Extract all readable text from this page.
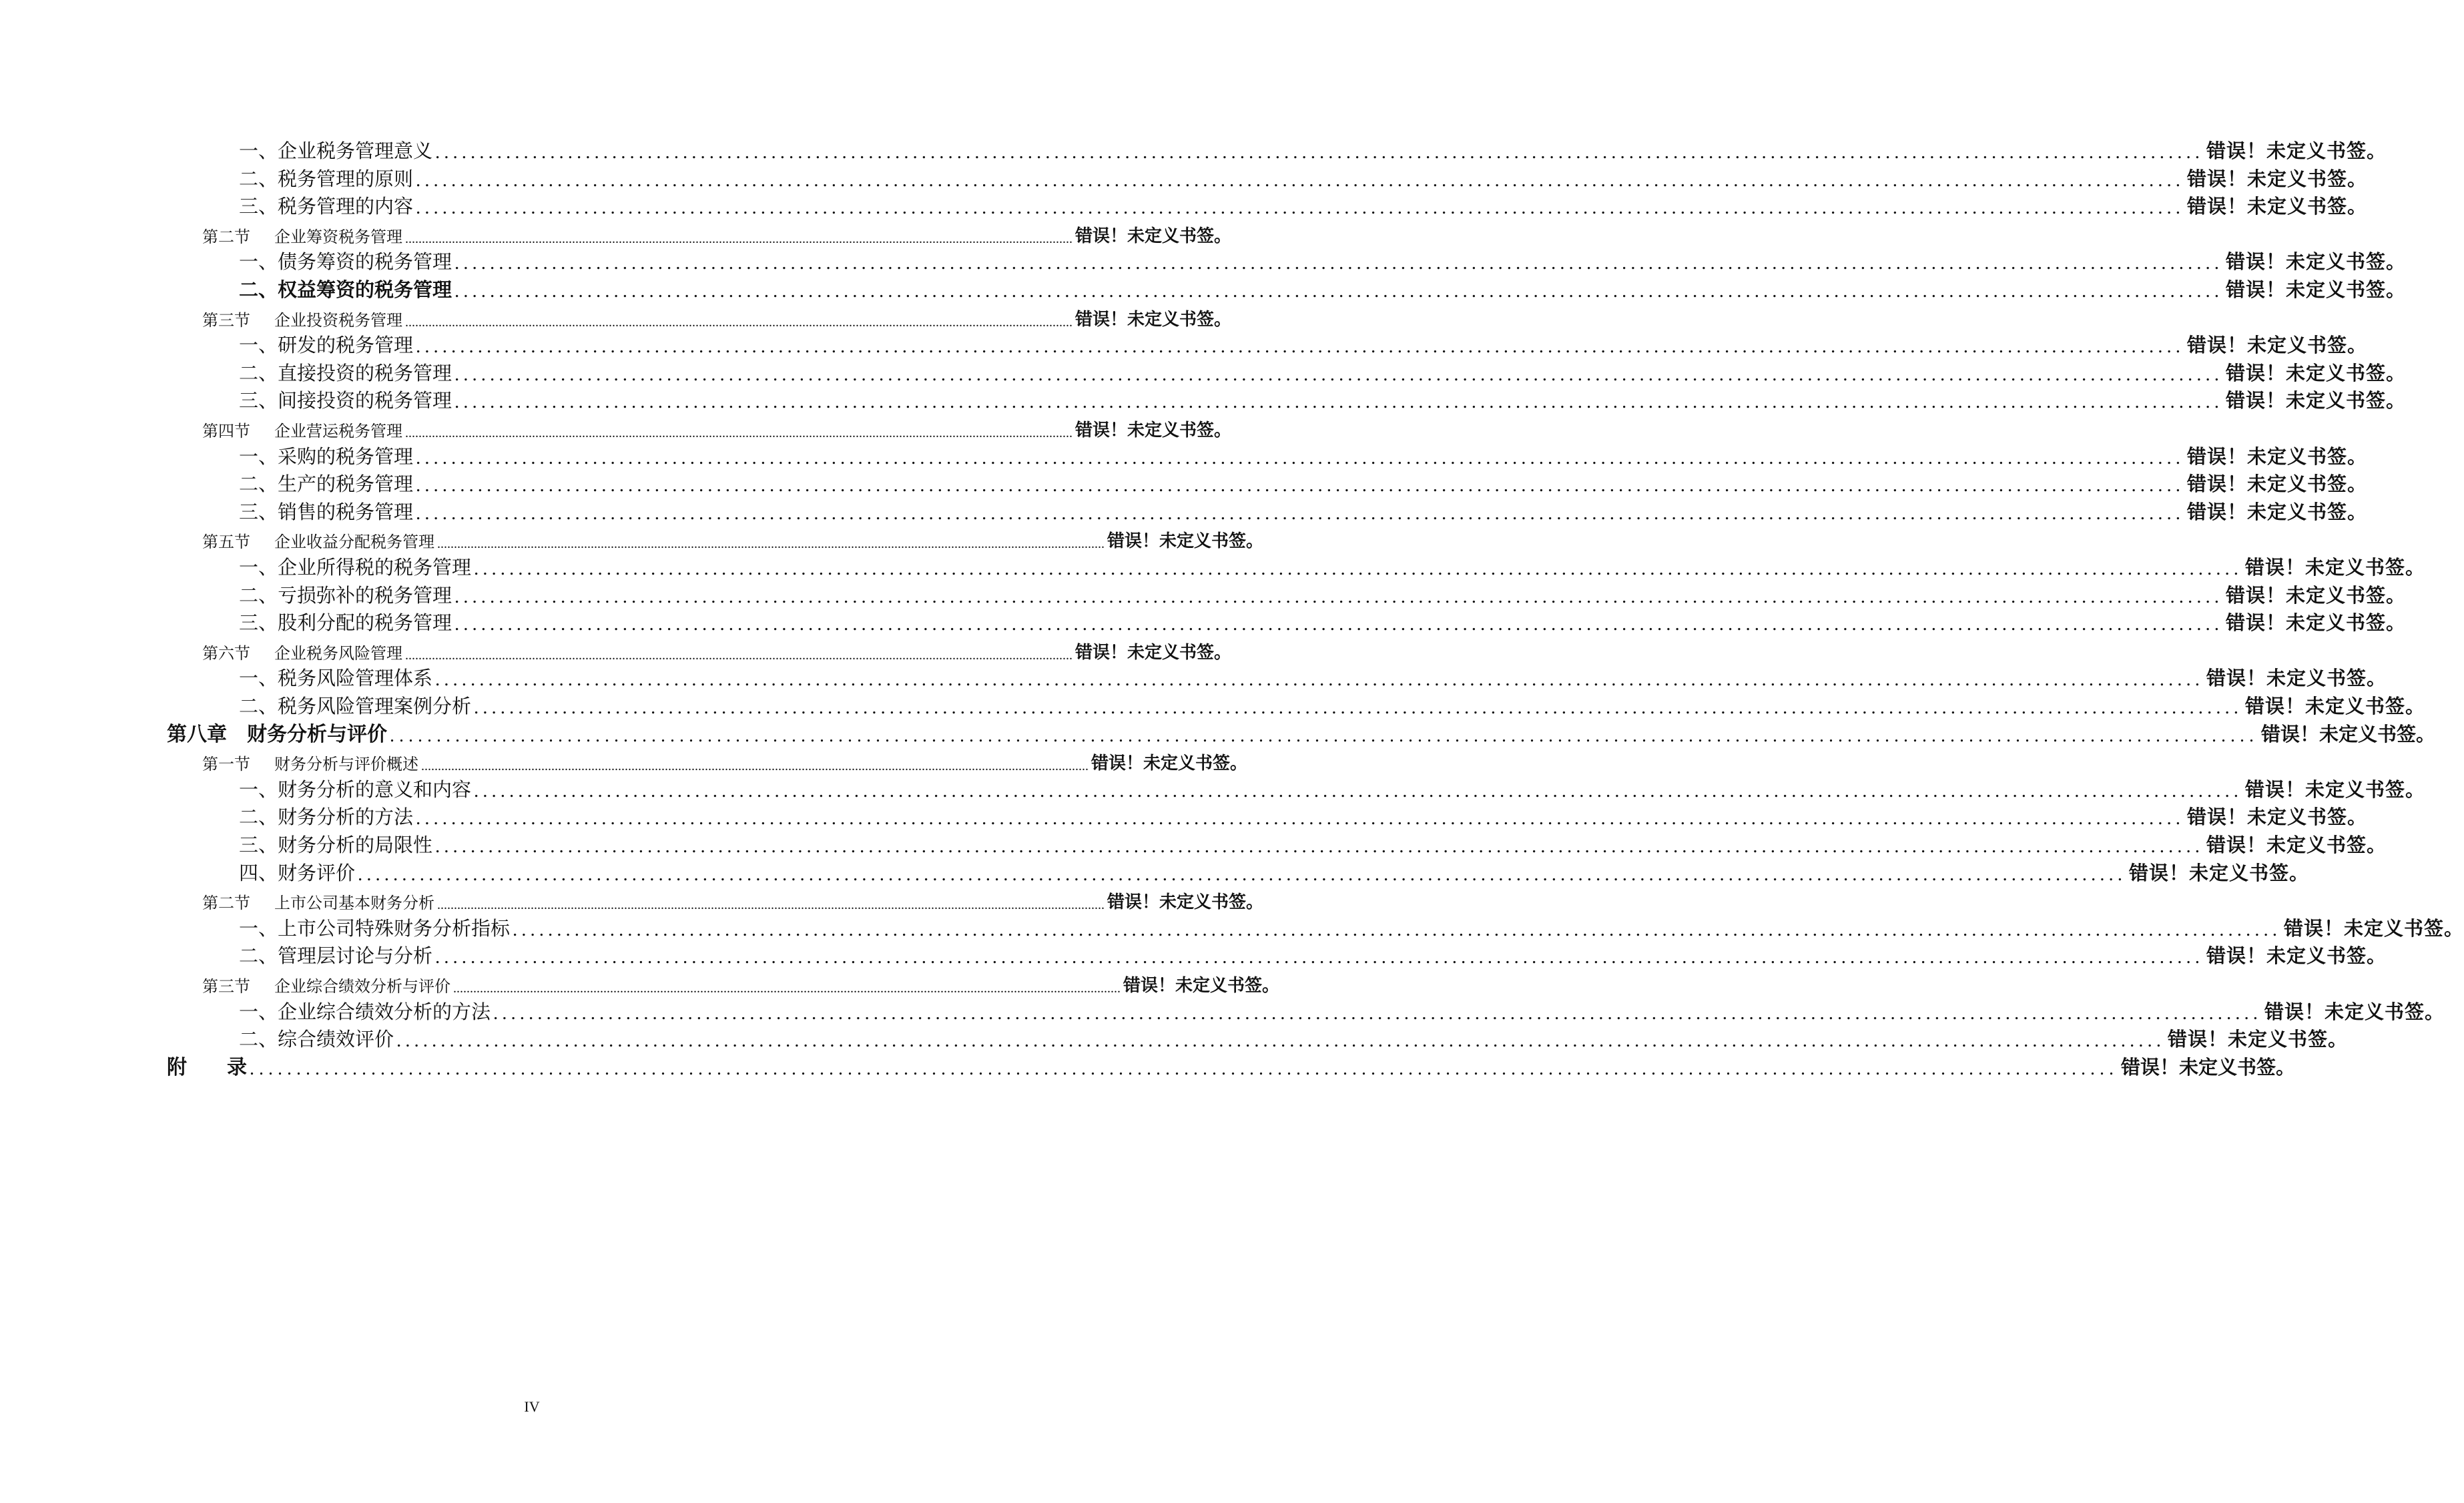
一、企业税务管理意义 ........................................................................................................................................................................................................ 错误！未定义书签。
二、税务管理的原则 ........................................................................................................................................................................................................ 错误！未定义书签。
三、税务管理的内容 ........................................................................................................................................................................................................ 错误！未定义书签。
第二节 企业筹资税务管理 ........................................................................................................................................................................................................ 错误！未定义书签。
一、债务筹资的税务管理 ........................................................................................................................................................................................................ 错误！未定义书签。
二、权益筹资的税务管理 ........................................................................................................................................................................................................ 错误！未定义书签。
第三节 企业投资税务管理 ........................................................................................................................................................................................................ 错误！未定义书签。
一、研发的税务管理 ........................................................................................................................................................................................................ 错误！未定义书签。
二、直接投资的税务管理 ........................................................................................................................................................................................................ 错误！未定义书签。
三、间接投资的税务管理 ........................................................................................................................................................................................................ 错误！未定义书签。
第四节 企业营运税务管理 ........................................................................................................................................................................................................ 错误！未定义书签。
一、采购的税务管理 ........................................................................................................................................................................................................ 错误！未定义书签。
二、生产的税务管理 ........................................................................................................................................................................................................ 错误！未定义书签。
三、销售的税务管理 ........................................................................................................................................................................................................ 错误！未定义书签。
第五节 企业收益分配税务管理 ........................................................................................................................................................................................................ 错误！未定义书签。
一、企业所得税的税务管理 ........................................................................................................................................................................................................ 错误！未定义书签。
二、亏损弥补的税务管理 ........................................................................................................................................................................................................ 错误！未定义书签。
三、股利分配的税务管理 ........................................................................................................................................................................................................ 错误！未定义书签。
第六节 企业税务风险管理 ........................................................................................................................................................................................................ 错误！未定义书签。
一、税务风险管理体系 ........................................................................................................................................................................................................ 错误！未定义书签。
二、税务风险管理案例分析 ........................................................................................................................................................................................................ 错误！未定义书签。
第八章　财务分析与评价 ........................................................................................................................................................................................................ 错误！未定义书签。
第一节 财务分析与评价概述 ........................................................................................................................................................................................................ 错误！未定义书签。
一、财务分析的意义和内容 ........................................................................................................................................................................................................ 错误！未定义书签。
二、财务分析的方法 ........................................................................................................................................................................................................ 错误！未定义书签。
三、财务分析的局限性 ........................................................................................................................................................................................................ 错误！未定义书签。
四、财务评价 ........................................................................................................................................................................................................ 错误！未定义书签。
第二节 上市公司基本财务分析 ........................................................................................................................................................................................................ 错误！未定义书签。
一、上市公司特殊财务分析指标 ........................................................................................................................................................................................................ 错误！未定义书签。
二、管理层讨论与分析 ........................................................................................................................................................................................................ 错误！未定义书签。
第三节 企业综合绩效分析与评价 ........................................................................................................................................................................................................ 错误！未定义书签。
一、企业综合绩效分析的方法 ........................................................................................................................................................................................................ 错误！未定义书签。
二、综合绩效评价 ........................................................................................................................................................................................................ 错误！未定义书签。
附　　录 ........................................................................................................................................................................................................ 错误！未定义书签。
IV
